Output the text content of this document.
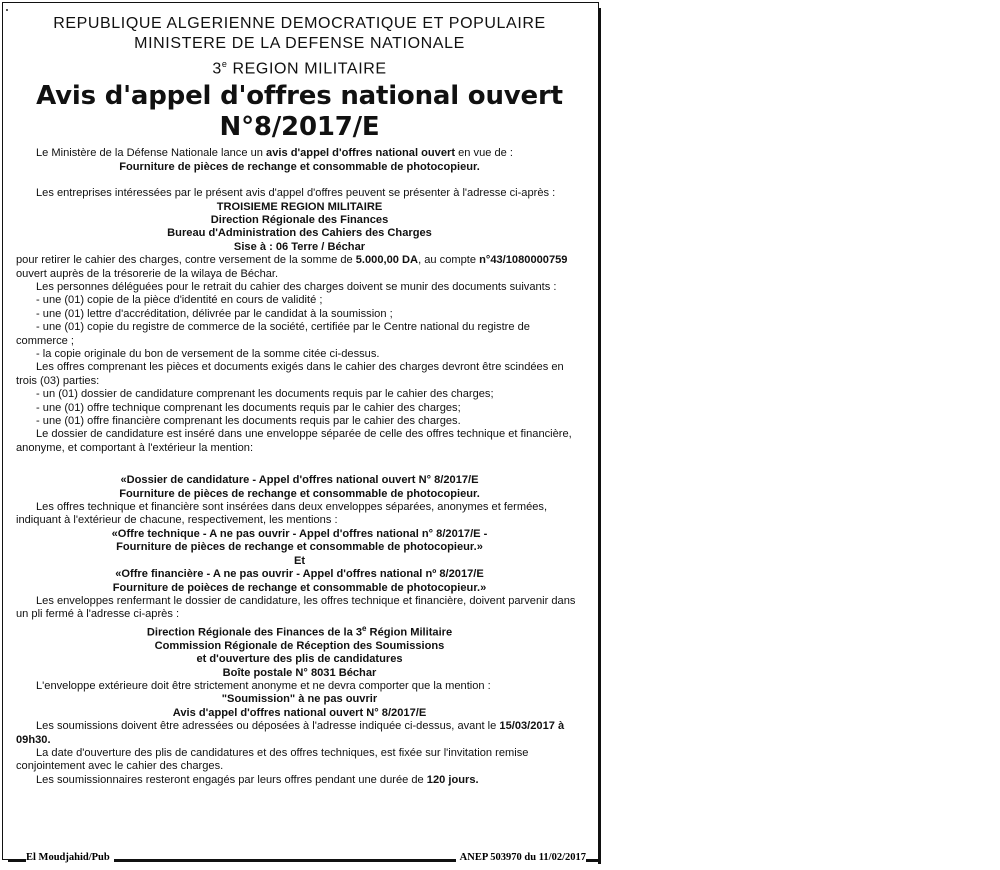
REPUBLIQUE ALGERIENNE DEMOCRATIQUE ET POPULAIRE
MINISTERE DE LA DEFENSE NATIONALE
3e REGION MILITAIRE
Avis d'appel d'offres national ouvert
N°8/2017/E

Le Ministère de la Défense Nationale lance un avis d'appel d'offres national ouvert en vue de :

Fourniture de pièces de rechange et consommable de photocopieur.

Les entreprises intéressées par le présent avis d'appel d'offres peuvent se présenter à l'adresse ci-après :

TROISIEME REGION MILITAIRE

Direction Régionale des Finances

Bureau d'Administration des Cahiers des Charges

Sise à : 06 Terre / Béchar

pour retirer le cahier des charges, contre versement de la somme de 5.000,00 DA, au compte n°43/1080000759 ouvert auprès de la trésorerie de la wilaya de Béchar.

Les personnes déléguées pour le retrait du cahier des charges doivent se munir des documents suivants :

- une (01) copie de la pièce d'identité en cours de validité ;

- une (01) lettre d'accréditation, délivrée par le candidat à la soumission ;

- une (01) copie du registre de commerce de la société, certifiée par le Centre national du registre de commerce ;

- la copie originale du bon de versement de la somme citée ci-dessus.

Les offres comprenant les pièces et documents exigés dans le cahier des charges devront être scindées en trois (03) parties:

- un (01) dossier de candidature comprenant les documents requis par le cahier des charges;

- une (01) offre technique comprenant les documents requis par le cahier des charges;

- une (01) offre financière comprenant les documents requis par le cahier des charges.

Le dossier de candidature est inséré dans une enveloppe séparée de celle des offres technique et financière, anonyme, et comportant à l'extérieur la mention:

«Dossier de candidature - Appel d'offres national ouvert N° 8/2017/E

Fourniture de pièces de rechange et consommable de photocopieur.

Les offres technique et financière sont insérées dans deux enveloppes séparées, anonymes et fermées, indiquant à l'extérieur de chacune, respectivement, les mentions :

«Offre technique - A ne pas ouvrir - Appel d'offres national n° 8/2017/E -

Fourniture de pièces de rechange et consommable de photocopieur.»

Et

«Offre financière - A ne pas ouvrir - Appel d'offres national nº 8/2017/E

Fourniture de poièces de rechange et consommable de photocopieur.»

Les enveloppes renfermant le dossier de candidature, les offres technique et financière, doivent parvenir dans un pli fermé à l'adresse ci-après :

Direction Régionale des Finances de la 3e Région Militaire

Commission Régionale de Réception des Soumissions

et d'ouverture des plis de candidatures

Boîte postale N° 8031 Béchar

L'enveloppe extérieure doit être strictement anonyme et ne devra comporter que la mention :

"Soumission" à ne pas ouvrir

Avis d'appel d'offres national ouvert N° 8/2017/E

Les soumissions doivent être adressées ou déposées à l'adresse indiquée ci-dessus, avant le 15/03/2017 à 09h30.

La date d'ouverture des plis de candidatures et des offres techniques, est fixée sur l'invitation remise conjointement avec le cahier des charges.

Les soumissionnaires resteront engagés par leurs offres pendant une durée de 120 jours.

El Moudjahid/Pub	ANEP 503970 du 11/02/2017
